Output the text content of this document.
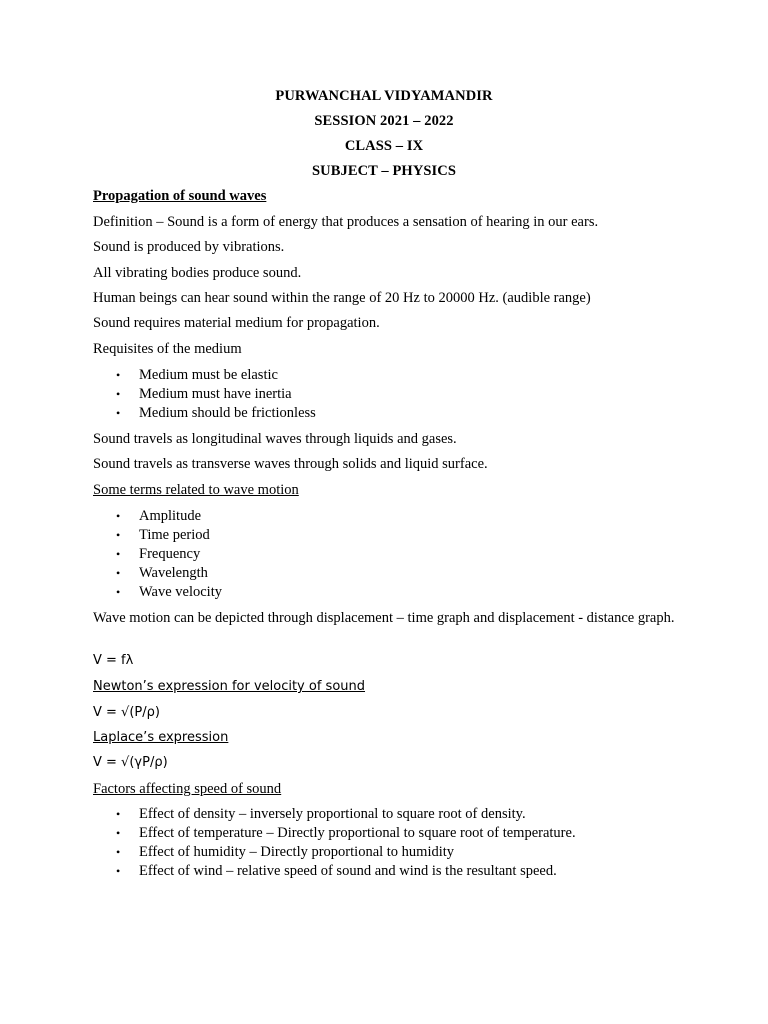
PURWANCHAL VIDYAMANDIR
SESSION 2021 – 2022
CLASS – IX
SUBJECT – PHYSICS
Propagation of sound waves
Definition – Sound is a form of energy that produces a sensation of hearing in our ears.
Sound is produced by vibrations.
All vibrating bodies produce sound.
Human beings can hear sound within the range of 20 Hz to 20000 Hz. (audible range)
Sound requires material medium for propagation.
Requisites of the medium
• Medium must be elastic
• Medium must have inertia
• Medium should be frictionless
Sound travels as longitudinal waves through liquids and gases.
Sound travels as transverse waves through solids and liquid surface.
Some terms related to wave motion
• Amplitude
• Time period
• Frequency
• Wavelength
• Wave velocity
Wave motion can be depicted through displacement – time graph and displacement - distance graph.
V = fλ
Newton’s expression for velocity of sound
V = √(P/ρ)
Laplace’s expression
V = √(γP/ρ)
Factors affecting speed of sound
• Effect of density – inversely proportional to square root of density.
• Effect of temperature – Directly proportional to square root of temperature.
• Effect of humidity – Directly proportional to humidity
• Effect of wind – relative speed of sound and wind is the resultant speed.
